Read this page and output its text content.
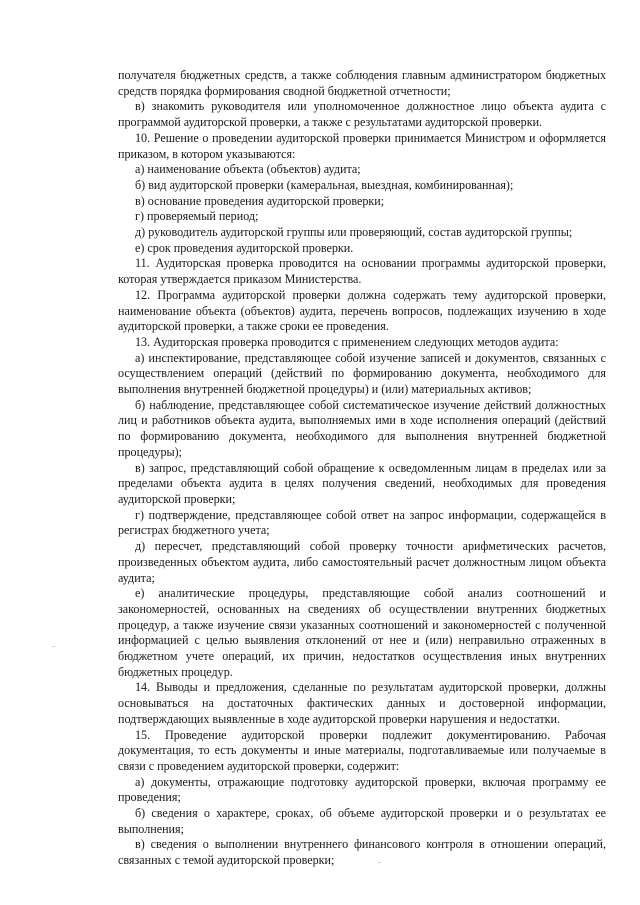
получателя бюджетных средств, а также соблюдения главным администратором бюджетных средств порядка формирования сводной бюджетной отчетности;

в) знакомить руководителя или уполномоченное должностное лицо объекта аудита с программой аудиторской проверки, а также с результатами аудиторской проверки.

10. Решение о проведении аудиторской проверки принимается Министром и оформляется приказом, в котором указываются:

а) наименование объекта (объектов) аудита;

б) вид аудиторской проверки (камеральная, выездная, комбинированная);

в) основание проведения аудиторской проверки;

г) проверяемый период;

д) руководитель аудиторской группы или проверяющий, состав аудиторской группы;

е) срок проведения аудиторской проверки.

11. Аудиторская проверка проводится на основании программы аудиторской проверки, которая утверждается приказом Министерства.

12. Программа аудиторской проверки должна содержать тему аудиторской проверки, наименование объекта (объектов) аудита, перечень вопросов, подлежащих изучению в ходе аудиторской проверки, а также сроки ее проведения.

13. Аудиторская проверка проводится с применением следующих методов аудита:

а) инспектирование, представляющее собой изучение записей и документов, связанных с осуществлением операций (действий по формированию документа, необходимого для выполнения внутренней бюджетной процедуры) и (или) материальных активов;

б) наблюдение, представляющее собой систематическое изучение действий должностных лиц и работников объекта аудита, выполняемых ими в ходе исполнения операций (действий по формированию документа, необходимого для выполнения внутренней бюджетной процедуры);

в) запрос, представляющий собой обращение к осведомленным лицам в пределах или за пределами объекта аудита в целях получения сведений, необходимых для проведения аудиторской проверки;

г) подтверждение, представляющее собой ответ на запрос информации, содержащейся в регистрах бюджетного учета;

д) пересчет, представляющий собой проверку точности арифметических расчетов, произведенных объектом аудита, либо самостоятельный расчет должностным лицом объекта аудита;

е) аналитические процедуры, представляющие собой анализ соотношений и закономерностей, основанных на сведениях об осуществлении внутренних бюджетных процедур, а также изучение связи указанных соотношений и закономерностей с полученной информацией с целью выявления отклонений от нее и (или) неправильно отраженных в бюджетном учете операций, их причин, недостатков осуществления иных внутренних бюджетных процедур.

14. Выводы и предложения, сделанные по результатам аудиторской проверки, должны основываться на достаточных фактических данных и достоверной информации, подтверждающих выявленные в ходе аудиторской проверки нарушения и недостатки.

15. Проведение аудиторской проверки подлежит документированию. Рабочая документация, то есть документы и иные материалы, подготавливаемые или получаемые в связи с проведением аудиторской проверки, содержит:

а) документы, отражающие подготовку аудиторской проверки, включая программу ее проведения;

б) сведения о характере, сроках, об объеме аудиторской проверки и о результатах ее выполнения;

в) сведения о выполнении внутреннего финансового контроля в отношении операций, связанных с темой аудиторской проверки;
